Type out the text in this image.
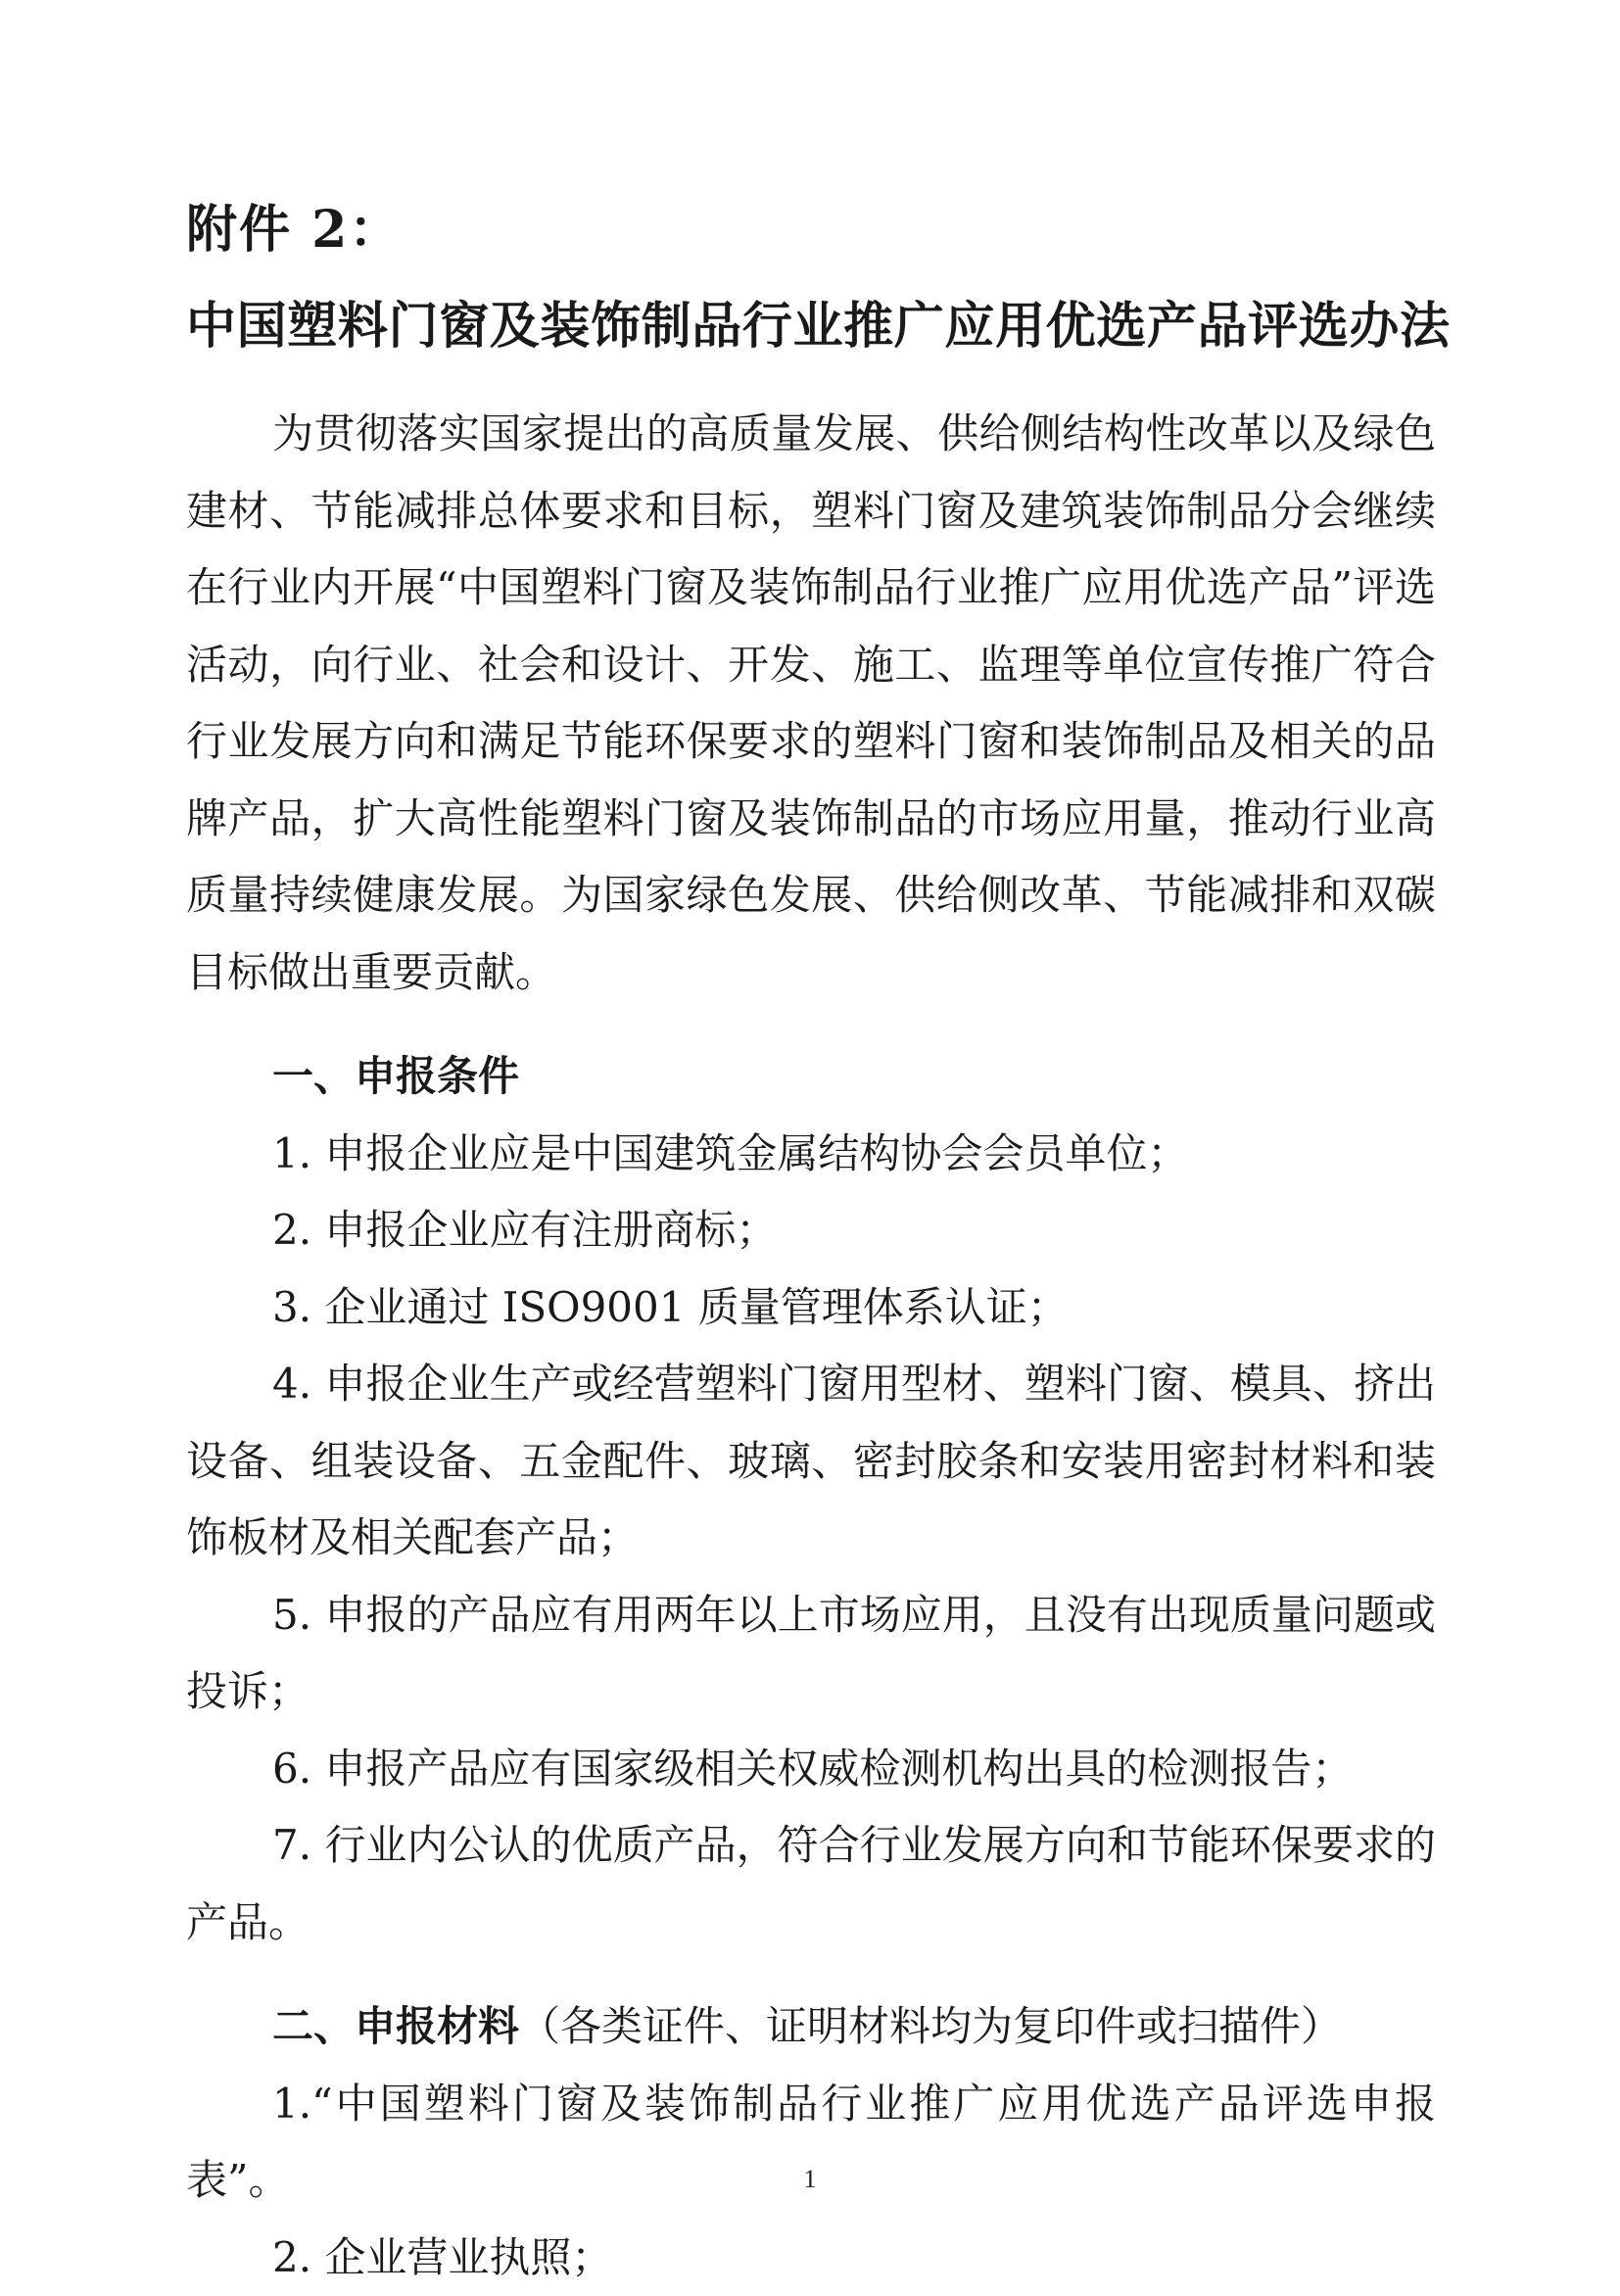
附件 2：
中国塑料门窗及装饰制品行业推广应用优选产品评选办法

为贯彻落实国家提出的高质量发展、供给侧结构性改革以及绿色建材、节能减排总体要求和目标，塑料门窗及建筑装饰制品分会继续在行业内开展“中国塑料门窗及装饰制品行业推广应用优选产品”评选活动，向行业、社会和设计、开发、施工、监理等单位宣传推广符合行业发展方向和满足节能环保要求的塑料门窗和装饰制品及相关的品牌产品，扩大高性能塑料门窗及装饰制品的市场应用量，推动行业高质量持续健康发展。为国家绿色发展、供给侧改革、节能减排和双碳目标做出重要贡献。

一、申报条件

1. 申报企业应是中国建筑金属结构协会会员单位；

2. 申报企业应有注册商标；

3. 企业通过 ISO9001 质量管理体系认证；

4. 申报企业生产或经营塑料门窗用型材、塑料门窗、模具、挤出设备、组装设备、五金配件、玻璃、密封胶条和安装用密封材料和装饰板材及相关配套产品；

5. 申报的产品应有用两年以上市场应用，且没有出现质量问题或投诉；

6. 申报产品应有国家级相关权威检测机构出具的检测报告；

7. 行业内公认的优质产品，符合行业发展方向和节能环保要求的产品。

二、申报材料（各类证件、证明材料均为复印件或扫描件）

1.“中国塑料门窗及装饰制品行业推广应用优选产品评选申报表”。

2. 企业营业执照；

1
